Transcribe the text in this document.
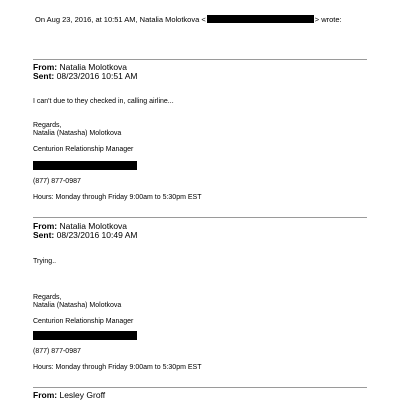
On Aug 23, 2016, at 10:51 AM, Natalia Molotkova <	> wrote:
From: Natalia Molotkova
Sent: 08/23/2016 10:51 AM
I can't due to they checked in, calling airline...
Regards,
Natalia (Natasha) Molotkova
Centurion Relationship Manager
(877) 877-0987
Hours: Monday through Friday 9:00am to 5:30pm EST
From: Natalia Molotkova
Sent: 08/23/2016 10:49 AM
Trying..
Regards,
Natalia (Natasha) Molotkova
Centurion Relationship Manager
(877) 877-0987
Hours: Monday through Friday 9:00am to 5:30pm EST
From: Lesley Groff
